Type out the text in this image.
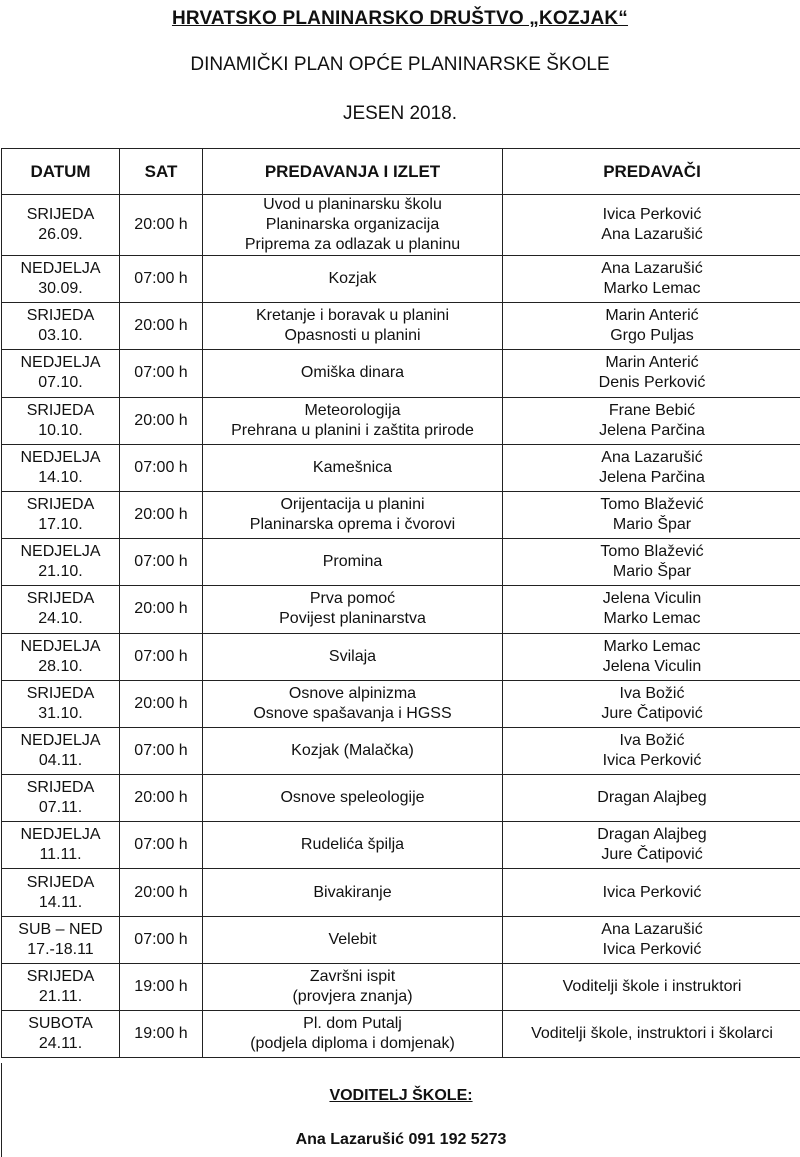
HRVATSKO PLANINARSKO DRUŠTVO „KOZJAK“
DINAMIČKI PLAN OPĆE PLANINARSKE ŠKOLE
JESEN 2018.
DATUM	SAT	PREDAVANJA I IZLET	PREDAVAČI

SRIJEDA
26.09.	20:00 h	Uvod u planinarsku školu
Planinarska organizacija
Priprema za odlazak u planinu	Ivica Perković
Ana Lazarušić

NEDJELJA
30.09.	07:00 h	Kozjak	Ana Lazarušić
Marko Lemac

SRIJEDA
03.10.	20:00 h	Kretanje i boravak u planini
Opasnosti u planini	Marin Anterić
Grgo Puljas

NEDJELJA
07.10.	07:00 h	Omiška dinara	Marin Anterić
Denis Perković

SRIJEDA
10.10.	20:00 h	Meteorologija
Prehrana u planini i zaštita prirode	Frane Bebić
Jelena Parčina

NEDJELJA
14.10.	07:00 h	Kamešnica	Ana Lazarušić
Jelena Parčina

SRIJEDA
17.10.	20:00 h	Orijentacija u planini
Planinarska oprema i čvorovi	Tomo Blažević
Mario Špar

NEDJELJA
21.10.	07:00 h	Promina	Tomo Blažević
Mario Špar

SRIJEDA
24.10.	20:00 h	Prva pomoć
Povijest planinarstva	Jelena Viculin
Marko Lemac

NEDJELJA
28.10.	07:00 h	Svilaja	Marko Lemac
Jelena Viculin

SRIJEDA
31.10.	20:00 h	Osnove alpinizma
Osnove spašavanja i HGSS	Iva Božić
Jure Čatipović

NEDJELJA
04.11.	07:00 h	Kozjak (Malačka)	Iva Božić
Ivica Perković

SRIJEDA
07.11.	20:00 h	Osnove speleologije	Dragan Alajbeg

NEDJELJA
11.11.	07:00 h	Rudelića špilja	Dragan Alajbeg
Jure Čatipović

SRIJEDA
14.11.	20:00 h	Bivakiranje	Ivica Perković

SUB – NED
17.-18.11	07:00 h	Velebit	Ana Lazarušić
Ivica Perković

SRIJEDA
21.11.	19:00 h	Završni ispit
(provjera znanja)	Voditelji škole i instruktori

SUBOTA
24.11.	19:00 h	Pl. dom Putalj
(podjela diploma i domjenak)	Voditelji škole, instruktori i školarci
VODITELJ ŠKOLE:
Ana Lazarušić 091 192 5273
